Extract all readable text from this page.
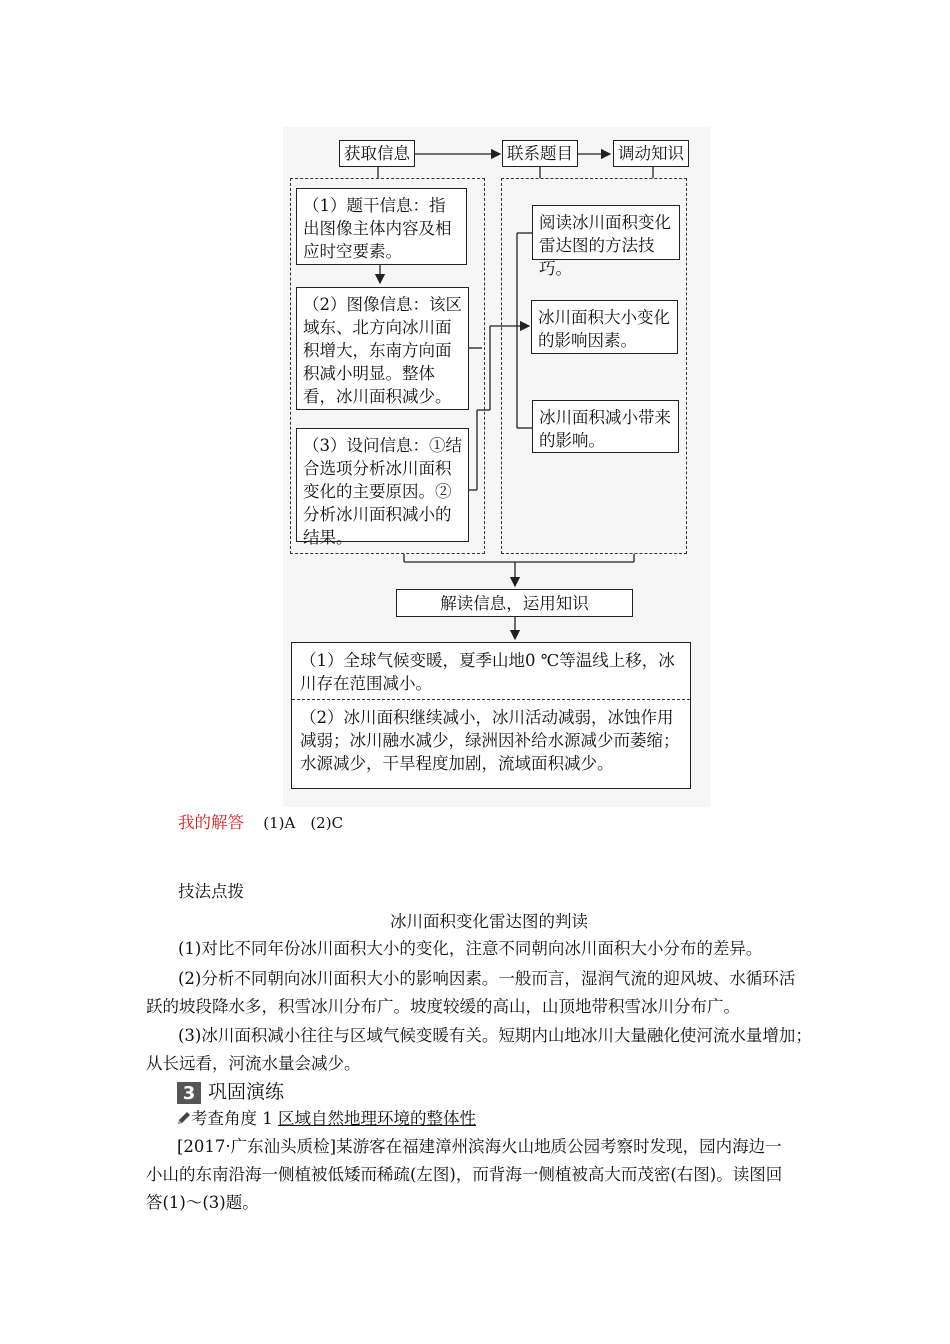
获取信息	联系题目	调动知识
（1）题干信息：指出图像主体内容及相应时空要素。
（2）图像信息：该区域东、北方向冰川面积增大，东南方向面积减小明显。整体看，冰川面积减少。
（3）设问信息：①结合选项分析冰川面积变化的主要原因。②分析冰川面积减小的结果。
阅读冰川面积变化雷达图的方法技巧。
冰川面积大小变化的影响因素。
冰川面积减小带来的影响。
解读信息，运用知识
（1）全球气候变暖，夏季山地0 ℃等温线上移，冰川存在范围减小。
（2）冰川面积继续减小，冰川活动减弱，冰蚀作用减弱；冰川融水减少，绿洲因补给水源减少而萎缩；水源减少，干旱程度加剧，流域面积减少。

我的解答 (1)A　(2)C

技法点拨

冰川面积变化雷达图的判读

(1)对比不同年份冰川面积大小的变化，注意不同朝向冰川面积大小分布的差异。

(2)分析不同朝向冰川面积大小的影响因素。一般而言，湿润气流的迎风坡、水循环活

跃的坡段降水多，积雪冰川分布广。坡度较缓的高山，山顶地带积雪冰川分布广。

(3)冰川面积减小往往与区域气候变暖有关。短期内山地冰川大量融化使河流水量增加；

从长远看，河流水量会减少。

3 巩固演练

考查角度 1 区域自然地理环境的整体性

[2017·广东汕头质检]某游客在福建漳州滨海火山地质公园考察时发现，园内海边一

小山的东南沿海一侧植被低矮而稀疏(左图)，而背海一侧植被高大而茂密(右图)。读图回

答(1)～(3)题。
